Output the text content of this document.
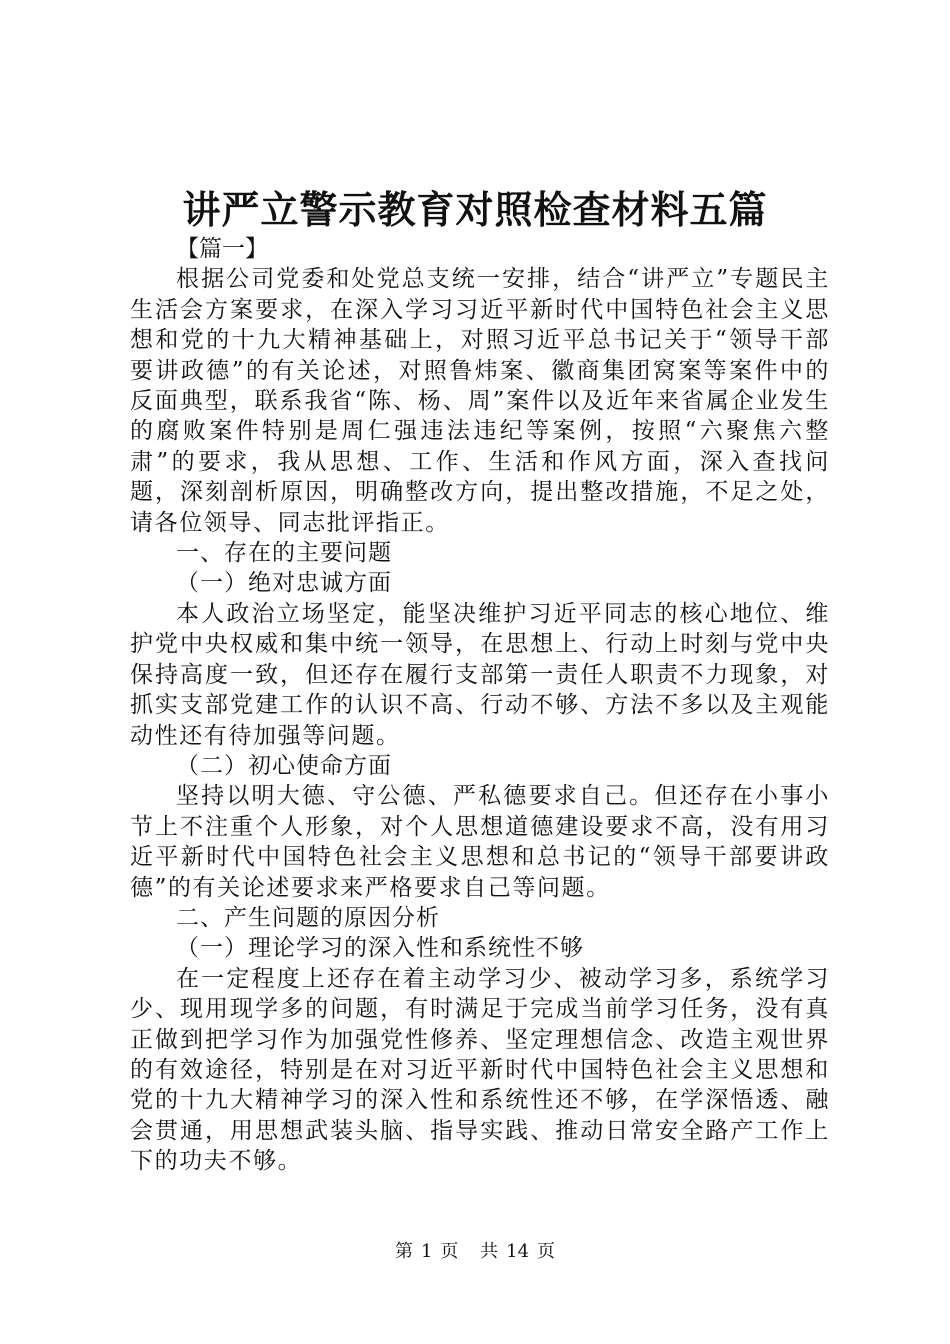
讲严立警示教育对照检查材料五篇

【篇一】

根据公司党委和处党总支统一安排，结合“讲严立”专题民主生活会方案要求，在深入学习习近平新时代中国特色社会主义思想和党的十九大精神基础上，对照习近平总书记关于“领导干部要讲政德”的有关论述，对照鲁炜案、徽商集团窝案等案件中的反面典型，联系我省“陈、杨、周”案件以及近年来省属企业发生的腐败案件特别是周仁强违法违纪等案例，按照“六聚焦六整肃”的要求，我从思想、工作、生活和作风方面，深入查找问题，深刻剖析原因，明确整改方向，提出整改措施，不足之处，请各位领导、同志批评指正。

一、存在的主要问题

（一）绝对忠诚方面

本人政治立场坚定，能坚决维护习近平同志的核心地位、维护党中央权威和集中统一领导，在思想上、行动上时刻与党中央保持高度一致，但还存在履行支部第一责任人职责不力现象，对抓实支部党建工作的认识不高、行动不够、方法不多以及主观能动性还有待加强等问题。

（二）初心使命方面

坚持以明大德、守公德、严私德要求自己。但还存在小事小节上不注重个人形象，对个人思想道德建设要求不高，没有用习近平新时代中国特色社会主义思想和总书记的“领导干部要讲政德”的有关论述要求来严格要求自己等问题。

二、产生问题的原因分析

（一）理论学习的深入性和系统性不够

在一定程度上还存在着主动学习少、被动学习多，系统学习少、现用现学多的问题，有时满足于完成当前学习任务，没有真正做到把学习作为加强党性修养、坚定理想信念、改造主观世界的有效途径，特别是在对习近平新时代中国特色社会主义思想和党的十九大精神学习的深入性和系统性还不够，在学深悟透、融会贯通，用思想武装头脑、指导实践、推动日常安全路产工作上下的功夫不够。

第 1 页 共 14 页
